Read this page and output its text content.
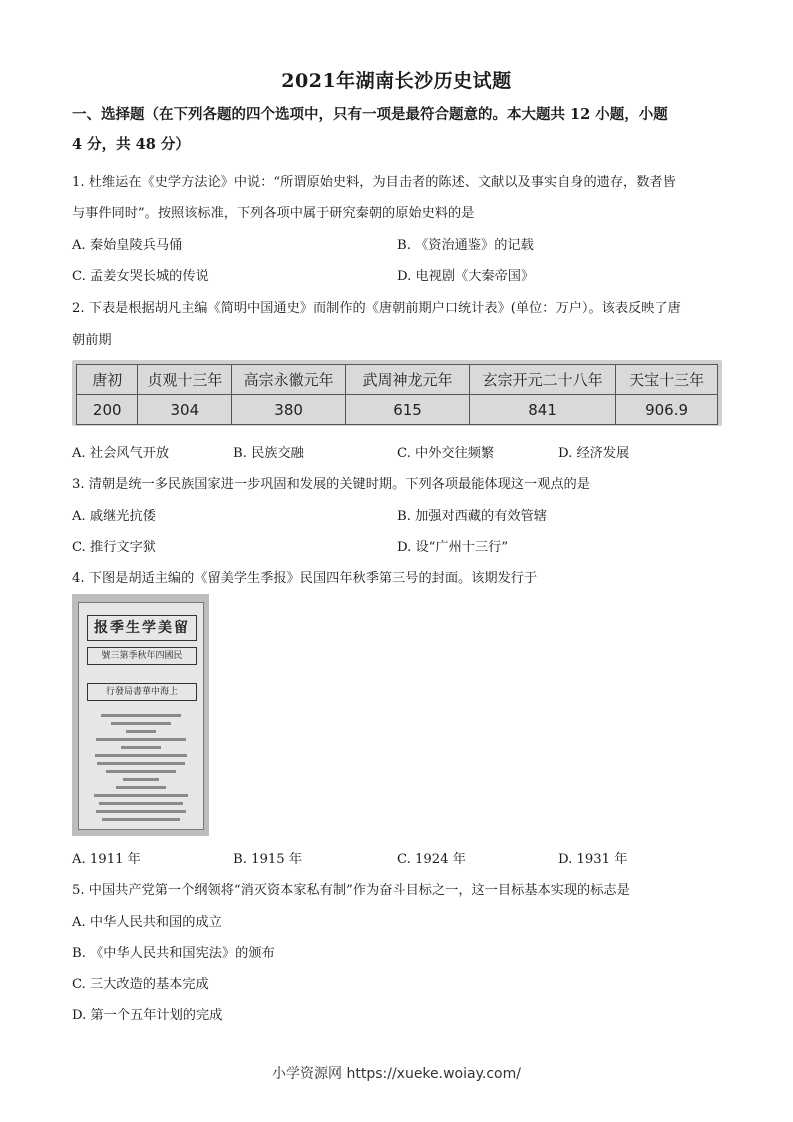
2021年湖南长沙历史试题
一、选择题（在下列各题的四个选项中，只有一项是最符合题意的。本大题共 12 小题，小题
4 分，共 48 分）
1. 杜维运在《史学方法论》中说：“所谓原始史料，为目击者的陈述、文献以及事实自身的遗存，数者皆
与事件同时”。按照该标准，下列各项中属于研究秦朝的原始史料的是
A. 秦始皇陵兵马俑	B. 《资治通鉴》的记载
C. 孟姜女哭长城的传说	D. 电视剧《大秦帝国》
2. 下表是根据胡凡主编《简明中国通史》而制作的《唐朝前期户口统计表》(单位：万户）。该表反映了唐
朝前期
唐初	贞观十三年	高宗永徽元年	武周神龙元年	玄宗开元二十八年	天宝十三年
200	304	380	615	841	906.9
A. 社会风气开放	B. 民族交融	C. 中外交往频繁	D. 经济发展
3. 清朝是统一多民族国家进一步巩固和发展的关键时期。下列各项最能体现这一观点的是
A. 戚继光抗倭	B. 加强对西藏的有效管辖
C. 推行文字狱	D. 设“广州十三行”
4. 下图是胡适主编的《留美学生季报》民国四年秋季第三号的封面。该期发行于
报季生学美留
號三第季秋年四國民
行發局書華中海上
A. 1911 年	B. 1915 年	C. 1924 年	D. 1931 年
5. 中国共产党第一个纲领将“消灭资本家私有制”作为奋斗目标之一，这一目标基本实现的标志是
A. 中华人民共和国的成立
B. 《中华人民共和国宪法》的颁布
C. 三大改造的基本完成
D. 第一个五年计划的完成
小学资源网 https://xueke.woiay.com/
